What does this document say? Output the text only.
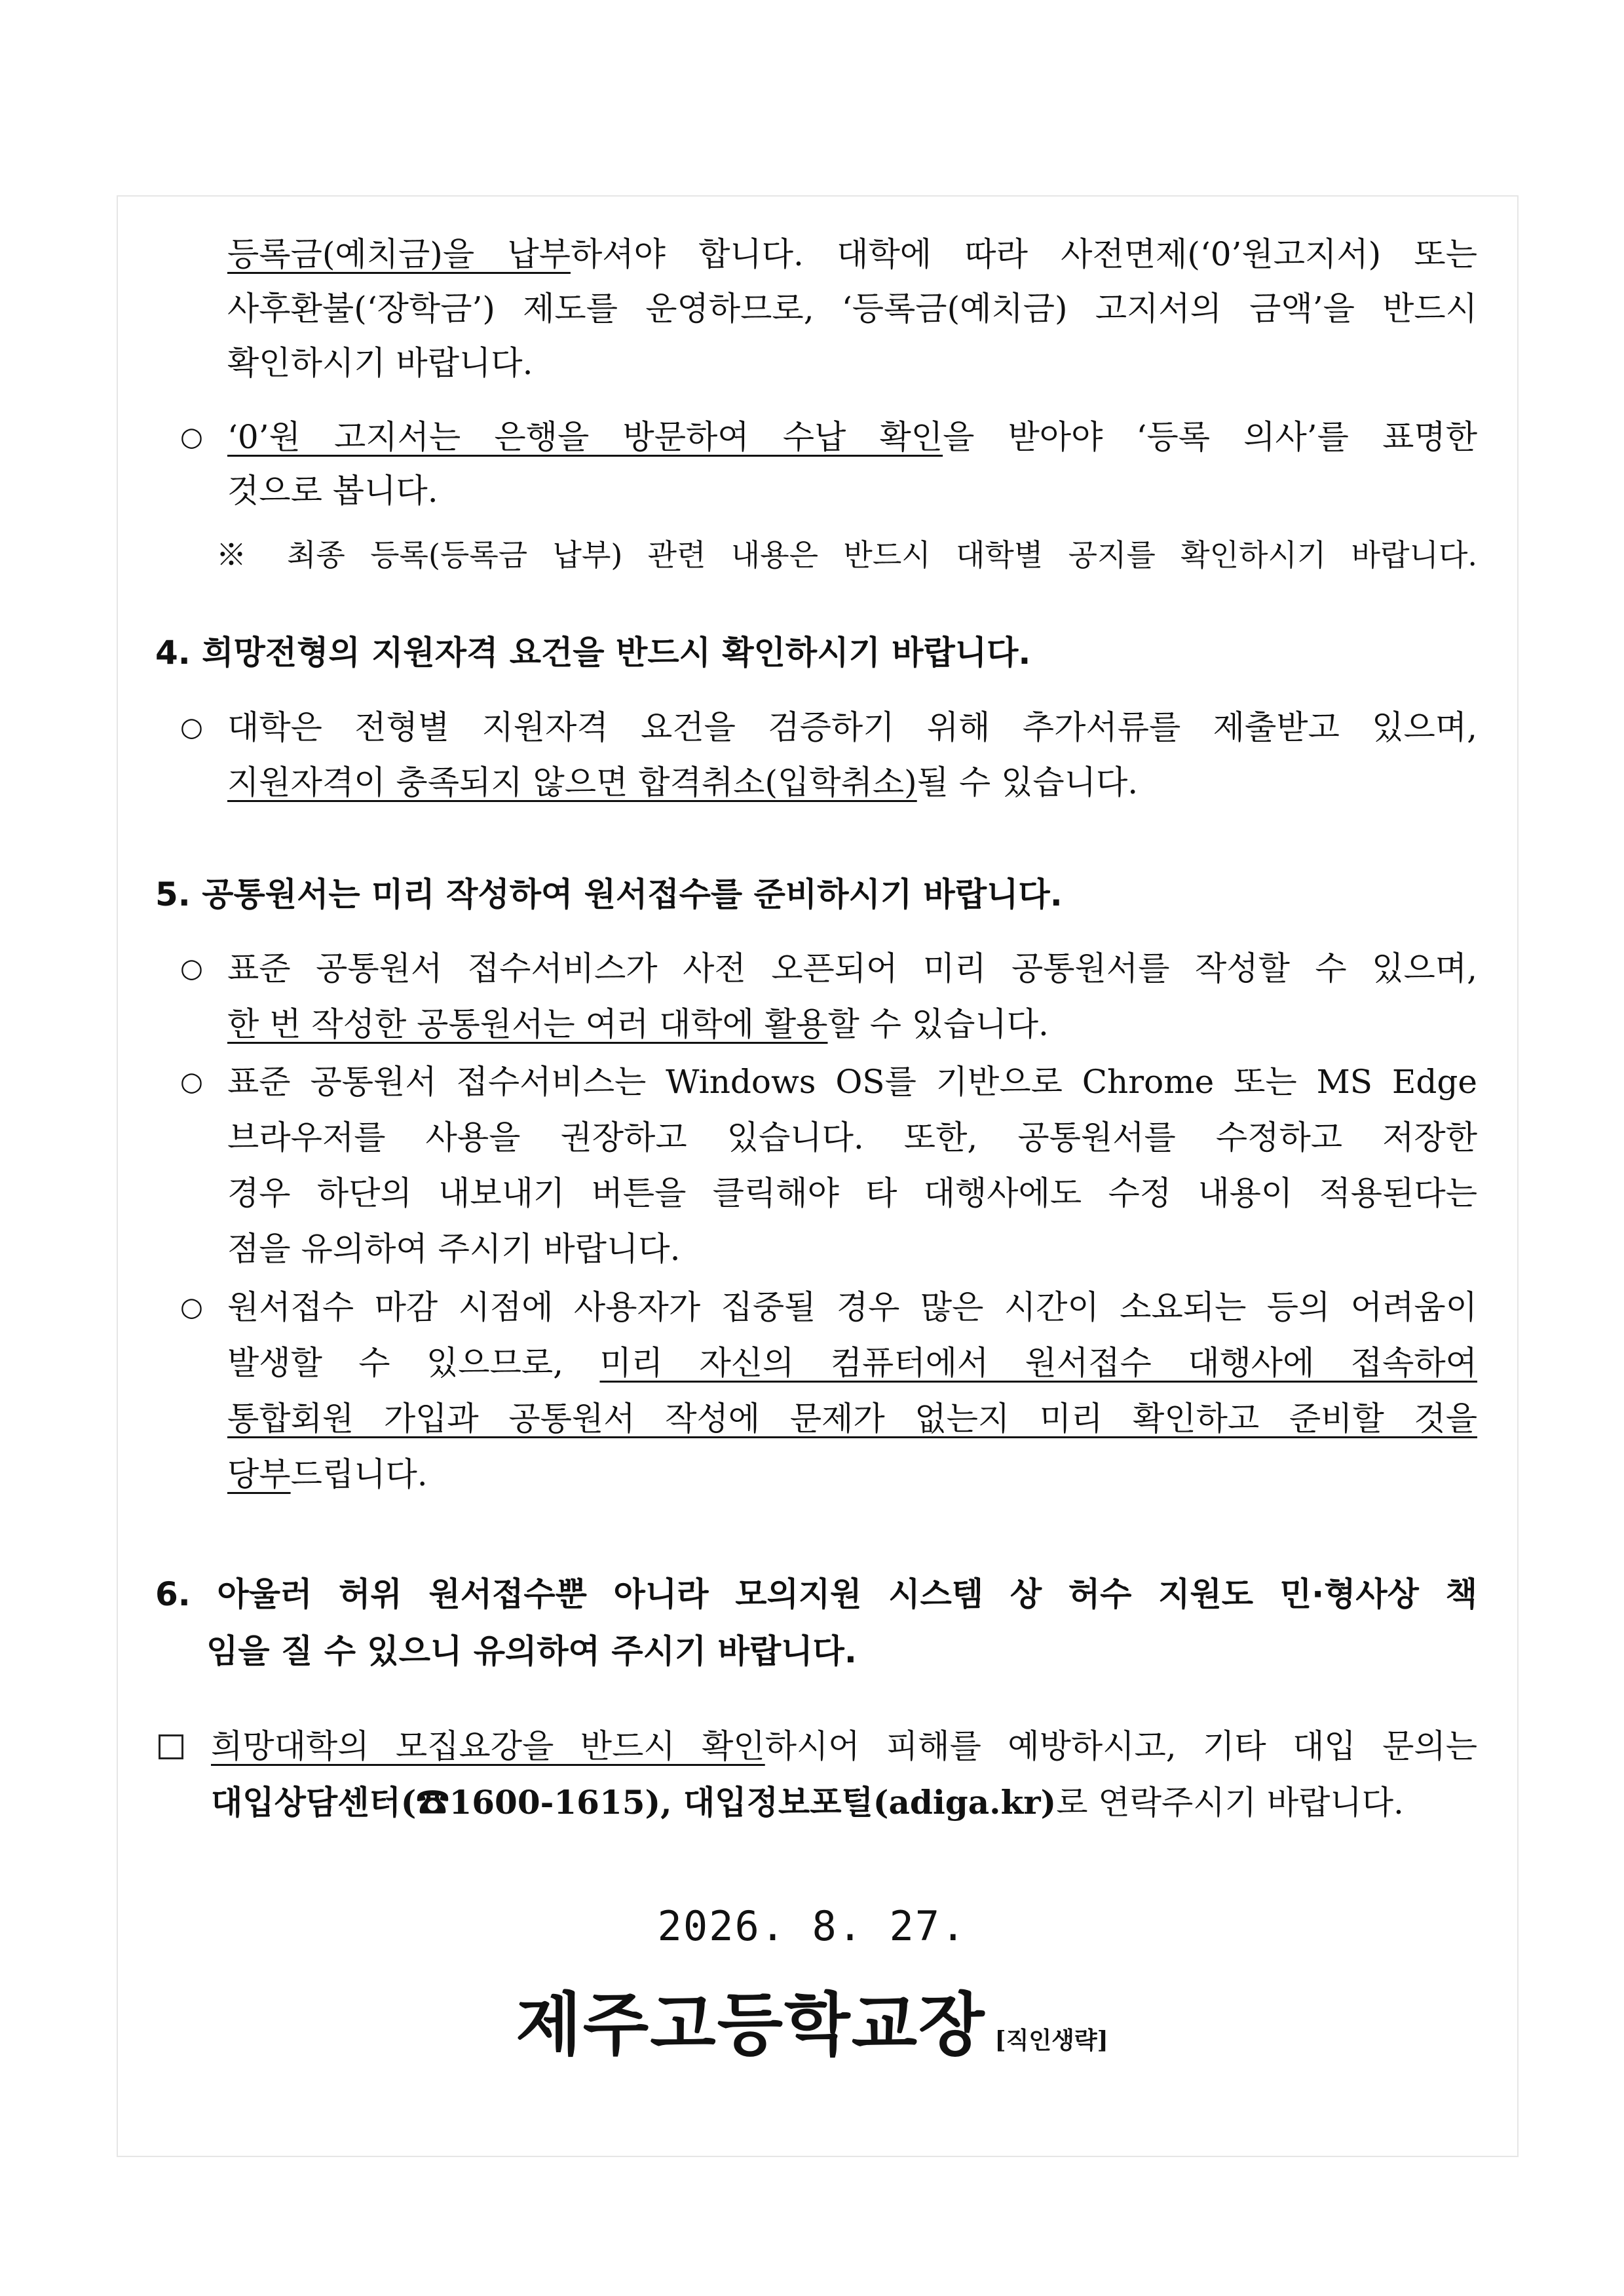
등록금(예치금)을 납부하셔야 합니다. 대학에 따라 사전면제(‘0’원고지서) 또는
사후환불(‘장학금’) 제도를 운영하므로, ‘등록금(예치금) 고지서의 금액’을 반드시
확인하시기 바랍니다.
○ ‘0’원 고지서는 은행을 방문하여 수납 확인을 받아야 ‘등록 의사’를 표명한
것으로 봅니다.
※ 최종 등록(등록금 납부) 관련 내용은 반드시 대학별 공지를 확인하시기 바랍니다.
4. 희망전형의 지원자격 요건을 반드시 확인하시기 바랍니다.
○ 대학은 전형별 지원자격 요건을 검증하기 위해 추가서류를 제출받고 있으며,
지원자격이 충족되지 않으면 합격취소(입학취소)될 수 있습니다.
5. 공통원서는 미리 작성하여 원서접수를 준비하시기 바랍니다.
○ 표준 공통원서 접수서비스가 사전 오픈되어 미리 공통원서를 작성할 수 있으며,
한 번 작성한 공통원서는 여러 대학에 활용할 수 있습니다.
○ 표준 공통원서 접수서비스는 Windows OS를 기반으로 Chrome 또는 MS Edge
브라우저를 사용을 권장하고 있습니다. 또한, 공통원서를 수정하고 저장한
경우 하단의 내보내기 버튼을 클릭해야 타 대행사에도 수정 내용이 적용된다는
점을 유의하여 주시기 바랍니다.
○ 원서접수 마감 시점에 사용자가 집중될 경우 많은 시간이 소요되는 등의 어려움이
발생할 수 있으므로, 미리 자신의 컴퓨터에서 원서접수 대행사에 접속하여
통합회원 가입과 공통원서 작성에 문제가 없는지 미리 확인하고 준비할 것을
당부드립니다.
6. 아울러 허위 원서접수뿐 아니라 모의지원 시스템 상 허수 지원도 민·형사상 책
임을 질 수 있으니 유의하여 주시기 바랍니다.
희망대학의 모집요강을 반드시 확인하시어 피해를 예방하시고, 기타 대입 문의는
대입상담센터(☎1600-1615), 대입정보포털(adiga.kr)로 연락주시기 바랍니다.
2026. 8. 27.
제주고등학교장 [직인생략]
